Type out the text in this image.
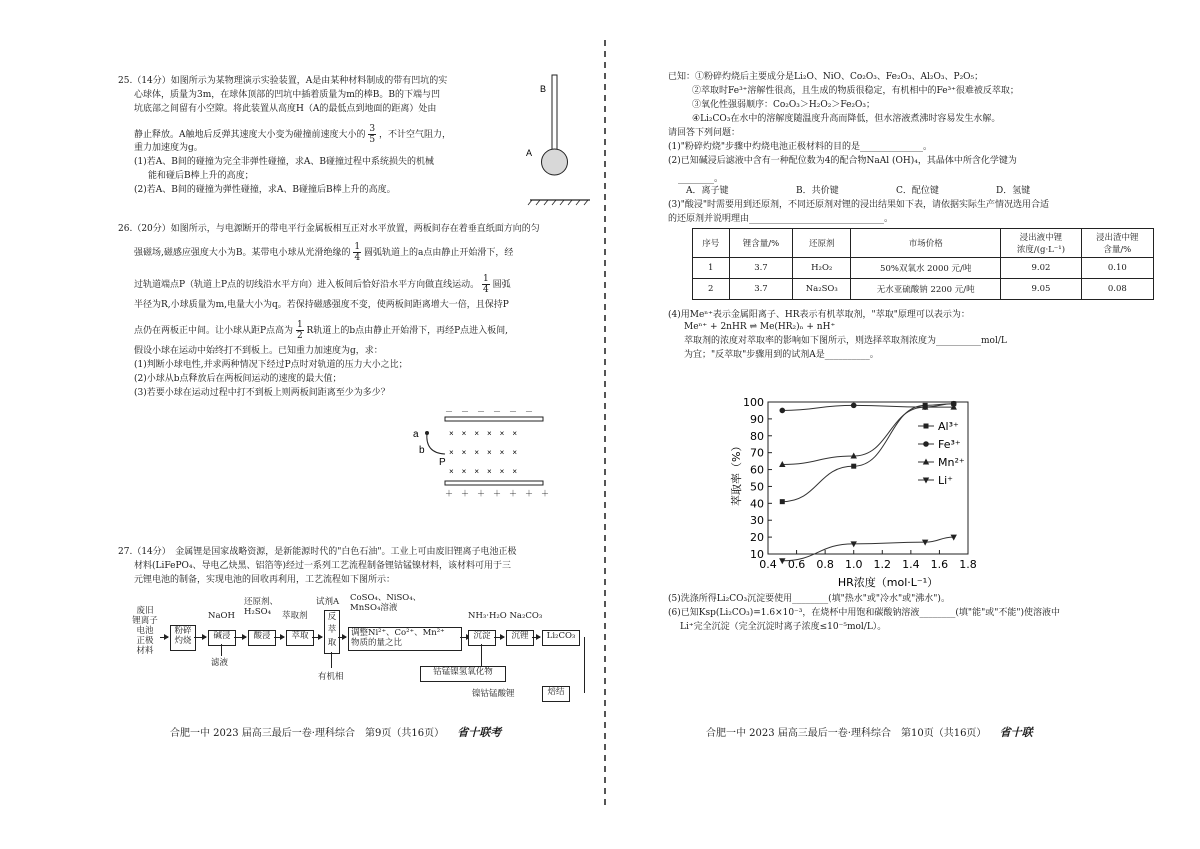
25.（14分）如图所示为某物理演示实验装置，A是由某种材料制成的带有凹坑的实
心球体，质量为3m，在球体顶部的凹坑中插着质量为m的棒B。B的下端与凹
坑底部之间留有小空隙。将此装置从高度H（A的最低点到地面的距离）处由
静止释放。A触地后反弹其速度大小变为碰撞前速度大小的 $\frac{3}{5}$ ，不计空气阻力，
重力加速度为g。
(1)若A、B间的碰撞为完全非弹性碰撞，求A、B碰撞过程中系统损失的机械
能和碰后B棒上升的高度；
(2)若A、B间的碰撞为弹性碰撞，求A、B碰撞后B棒上升的高度。
B
A
26.（20分）如图所示，与电源断开的带电平行金属板相互正对水平放置，两板间存在着垂直纸面方向的匀
强磁场,磁感应强度大小为B。某带电小球从光滑绝缘的 $\frac{1}{4}$ 圆弧轨道上的a点由静止开始滑下，经
过轨道端点P（轨道上P点的切线沿水平方向）进入板间后恰好沿水平方向做直线运动。 $\frac{1}{4}$ 圆弧
半径为R,小球质量为m,电量大小为q。若保持磁感强度不变，使两板间距离增大一倍，且保持P
点仍在两板正中间。让小球从距P点高为 $\frac{1}{2}$ R轨道上的b点由静止开始滑下，再经P点进入板间,
假设小球在运动中始终打不到板上。已知重力加速度为g，求：
(1)判断小球电性,并求两种情况下经过P点时对轨道的压力大小之比；
(2)小球从b点释放后在两板间运动的速度的最大值；
(3)若要小球在运动过程中打不到板上则两板间距离至少为多少？
－　－　－　－　－　－
×　×　×　×　×　×
×　×　×　×　×　×
×　×　×　×　×　×
＋　＋　＋　＋　＋　＋　＋
a
b
P
27.（14分）　金属锂是国家战略资源，是新能源时代的"白色石油"。工业上可由废旧锂离子电池正极
材料(LiFePO₄、导电乙炔黑、铝箔等)经过一系列工艺流程制备锂钴锰镍材料，该材料可用于三
元锂电池的制备，实现电池的回收再利用，工艺流程如下图所示：
废旧
锂离子
电池
正极
材料
粉碎
灼烧
NaOH
碱浸
滤液
还原剂、
H₂SO₄
酸浸
萃取剂
萃取
试剂A
反
萃
取
有机相
CoSO₄、NiSO₄、
MnSO₄溶液
调整Ni²⁺、Co²⁺、Mn²⁺
物质的量之比
NH₃·H₂O Na₂CO₃
沉淀	沉锂	Li₂CO₃
钴锰镍氢氧化物
焙结
镍钴锰酸锂
合肥一中 2023 届高三最后一卷·理科综合　第9页（共16页） 省十联考
已知：①粉碎灼烧后主要成分是Li₂O、NiO、Co₂O₃、Fe₂O₃、Al₂O₃、P₂O₅；
②萃取时Fe³⁺溶解性很高，且生成的物质很稳定，有机相中的Fe³⁺很难被反萃取；
③氧化性强弱顺序：Co₂O₃＞H₂O₂＞Fe₂O₃；
④Li₂CO₃在水中的溶解度随温度升高而降低，但水溶液煮沸时容易发生水解。
请回答下列问题：
(1)"粉碎灼烧"步骤中灼烧电池正极材料的目的是______________。
(2)已知碱浸后滤液中含有一种配位数为4的配合物NaAl (OH)₄，其晶体中所含化学键为
________。
A．离子键	B．共价键	C．配位键	D．氢键
(3)"酸浸"时需要用到还原剂，不同还原剂对锂的浸出结果如下表，请依据实际生产情况选用合适
的还原剂并说明理由______________________________。
序号	锂含量/%	还原剂	市场价格	浸出液中锂
浓度/(g·L⁻¹)	浸出渣中锂
含量/%
1	3.7	H₂O₂	50%双氧水 2000 元/吨	9.02	0.10
2	3.7	Na₂SO₃	无水亚硫酸钠 2200 元/吨	9.05	0.08
(4)用Meⁿ⁺表示金属阳离子、HR表示有机萃取剂，"萃取"原理可以表示为：
Meⁿ⁺ + 2nHR ⇌ Me(HR₂)ₙ + nH⁺
萃取剂的浓度对萃取率的影响如下图所示，则选择萃取剂浓度为__________mol/L
为宜；"反萃取"步骤用到的试剂A是__________。
10
20
30
40
50
60
70
80
90
100
0.4 0.6 0.8 1.0 1.2 1.4 1.6 1.8
Al³⁺
Fe³⁺
Mn²⁺
Li⁺
萃取率（%）
HR浓度（mol·L⁻¹）
(5)洗涤所得Li₂CO₃沉淀要使用________(填"热水"或"冷水"或"沸水")。
(6)已知Ksp(Li₂CO₃)=1.6×10⁻³，在烧杯中用饱和碳酸钠溶液________(填"能"或"不能")使溶液中
Li⁺完全沉淀（完全沉淀时离子浓度≤10⁻⁵mol/L）。
合肥一中 2023 届高三最后一卷·理科综合　第10页（共16页） 省十联
